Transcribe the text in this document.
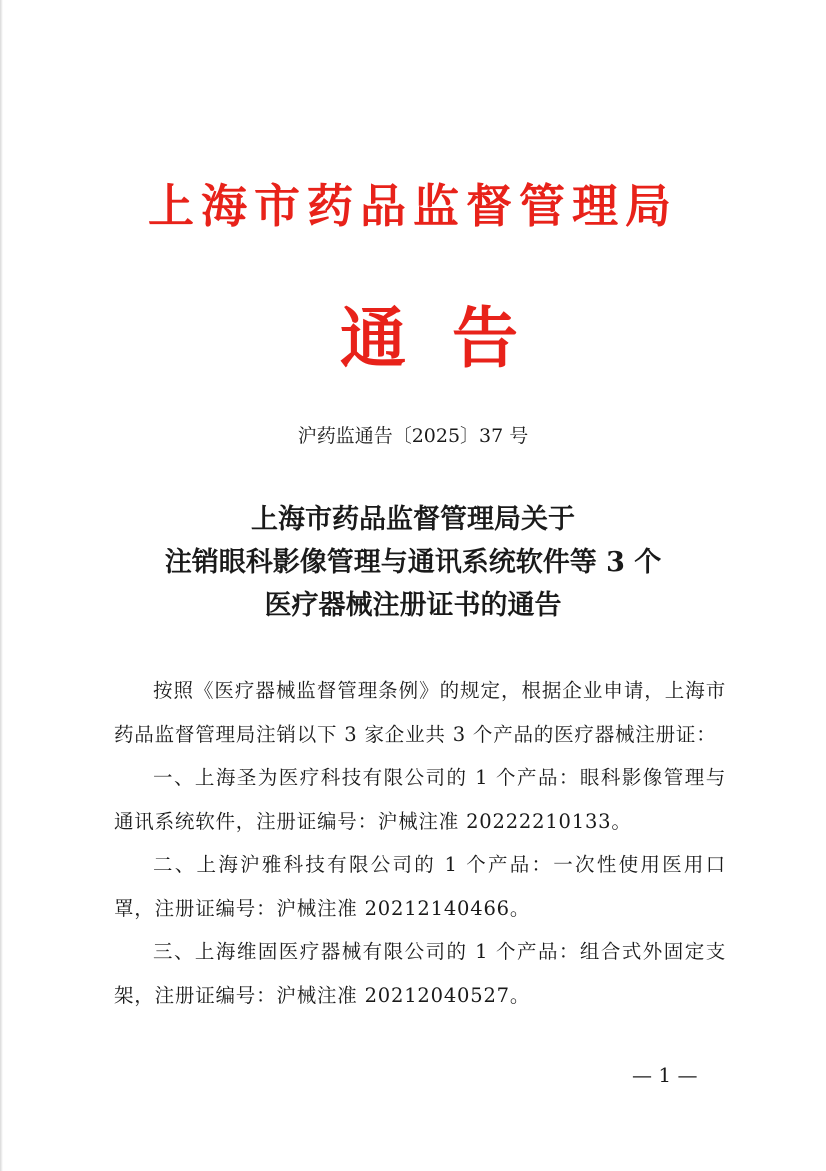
上海市药品监督管理局
通 告
沪药监通告〔2025〕37 号
上海市药品监督管理局关于
注销眼科影像管理与通讯系统软件等 3 个
医疗器械注册证书的通告

按照《医疗器械监督管理条例》的规定，根据企业申请，上海市药品监督管理局注销以下 3 家企业共 3 个产品的医疗器械注册证：

一、上海圣为医疗科技有限公司的 1 个产品：眼科影像管理与通讯系统软件，注册证编号：沪械注准 20222210133。

二、上海沪雅科技有限公司的 1 个产品：一次性使用医用口罩，注册证编号：沪械注准 20212140466。

三、上海维固医疗器械有限公司的 1 个产品：组合式外固定支架，注册证编号：沪械注准 20212040527。

— 1 —
